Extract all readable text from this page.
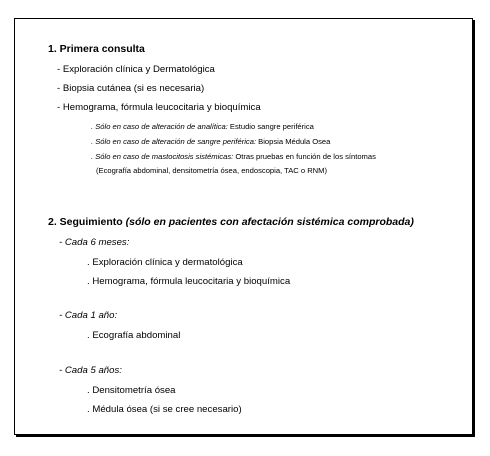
1. Primera consulta
- Exploración clínica y Dermatológica
- Biopsia cutánea (si es necesaria)
- Hemograma, fórmula leucocitaria y bioquímica
. Sólo en caso de alteración de analítica: Estudio sangre periférica
. Sólo en caso de alteración de sangre periférica: Biopsia Médula Osea
. Sólo en caso de mastocitosis sistémicas: Otras pruebas en función de los síntomas
(Ecografía abdominal, densitometría ósea, endoscopia, TAC o RNM)
2. Seguimiento (sólo en pacientes con afectación sistémica comprobada)
- Cada 6 meses:
. Exploración clínica y dermatológica
. Hemograma, fórmula leucocitaria y bioquímica
- Cada 1 año:
. Ecografía abdominal
- Cada 5 años:
. Densitometría ósea
. Médula ósea (si se cree necesario)
